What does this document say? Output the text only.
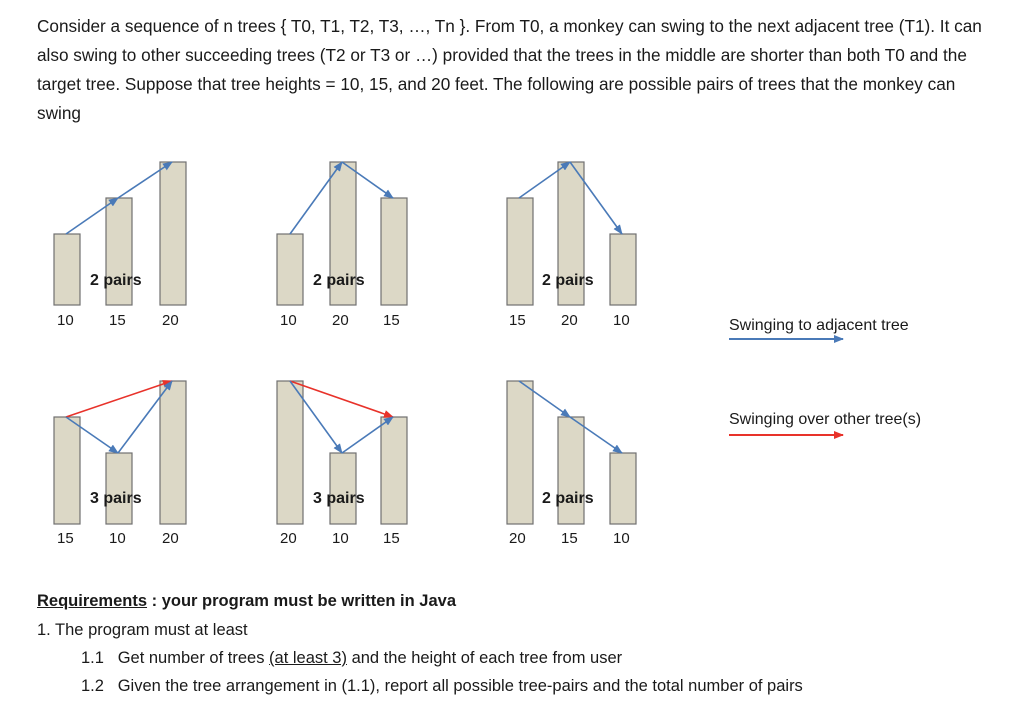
Consider a sequence of n trees { T0, T1, T2, T3, …, Tn }. From T0, a monkey can swing to the next adjacent tree (T1). It can also swing to other succeeding trees (T2 or T3 or …) provided that the trees in the middle are shorter than both T0 and the target tree. Suppose that tree heights = 10, 15, and 20 feet. The following are possible pairs of trees that the monkey can swing

2 pairs
10 15 20
2 pairs
10 20 15
2 pairs
15 20 10
3 pairs
15 10 20
3 pairs
20 10 15
2 pairs
20 15 10
Swinging to adjacent tree
Swinging over other tree(s)

Requirements : your program must be written in Java

1. The program must at least

1.1 Get number of trees (at least 3) and the height of each tree from user

1.2 Given the tree arrangement in (1.1), report all possible tree-pairs and the total number of pairs
